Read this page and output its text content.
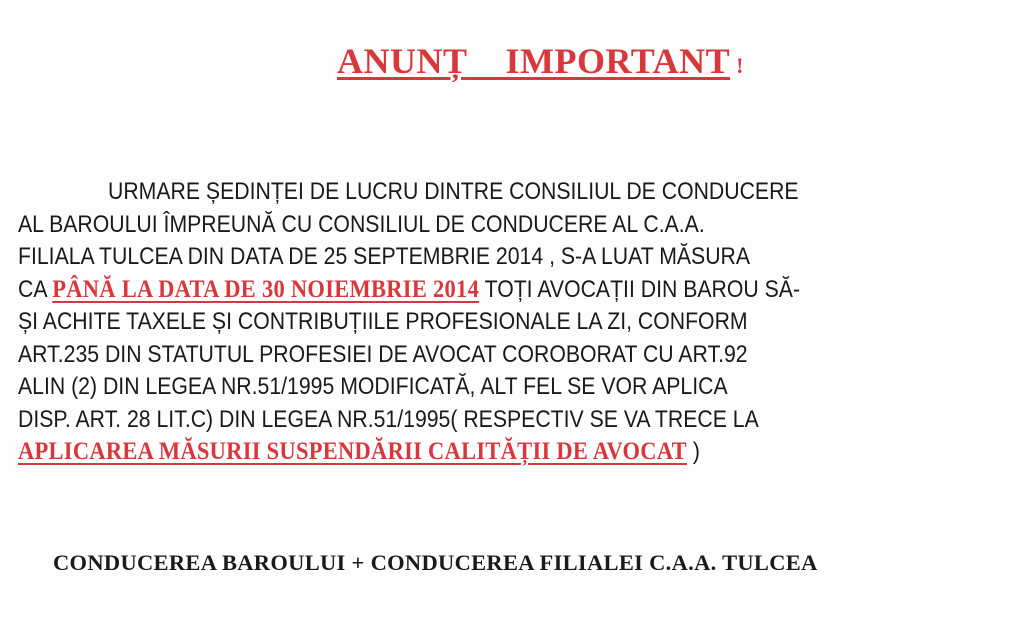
ANUNȚ IMPORTANT !
URMARE ȘEDINȚEI DE LUCRU DINTRE CONSILIUL DE CONDUCERE
AL BAROULUI ÎMPREUNĂ CU CONSILIUL DE CONDUCERE AL C.A.A.
FILIALA TULCEA DIN DATA DE 25 SEPTEMBRIE 2014 , S-A LUAT MĂSURA
CA PÂNĂ LA DATA DE 30 NOIEMBRIE 2014 TOȚI AVOCAȚII DIN BAROU SĂ-
ȘI ACHITE TAXELE ȘI CONTRIBUȚIILE PROFESIONALE LA ZI, CONFORM
ART.235 DIN STATUTUL PROFESIEI DE AVOCAT COROBORAT CU ART.92
ALIN (2) DIN LEGEA NR.51/1995 MODIFICATĂ, ALT FEL SE VOR APLICA
DISP. ART. 28 LIT.C) DIN LEGEA NR.51/1995( RESPECTIV SE VA TRECE LA
APLICAREA MĂSURII SUSPENDĂRII CALITĂȚII DE AVOCAT )

CONDUCEREA BAROULUI + CONDUCEREA FILIALEI C.A.A. TULCEA
